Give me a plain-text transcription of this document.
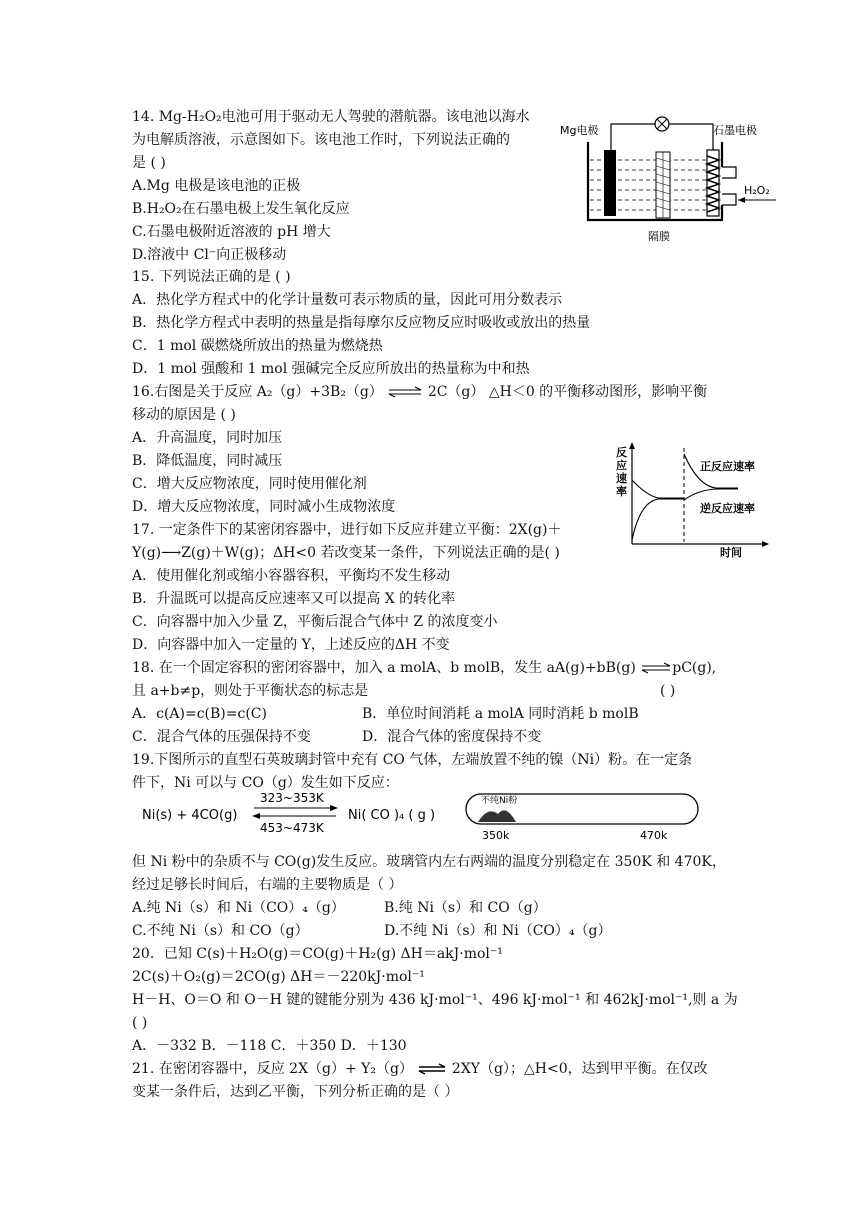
14. Mg-H₂O₂电池可用于驱动无人驾驶的潜航器。该电池以海水
为电解质溶液，示意图如下。该电池工作时，下列说法正确的
是 ( )
A.Mg 电极是该电池的正极
B.H₂O₂在石墨电极上发生氧化反应
C.石墨电极附近溶液的 pH 增大
D.溶液中 Cl⁻向正极移动
Mg电极	石墨电极
H₂O₂
隔膜
15. 下列说法正确的是 ( )
A．热化学方程式中的化学计量数可表示物质的量，因此可用分数表示
B．热化学方程式中表明的热量是指每摩尔反应物反应时吸收或放出的热量
C．1 mol 碳燃烧所放出的热量为燃烧热
D．1 mol 强酸和 1 mol 强碱完全反应所放出的热量称为中和热
16.右图是关于反应 A₂（g）+3B₂（g） ⇌ 2C（g） △H＜0 的平衡移动图形，影响平衡
移动的原因是 ( )
A．升高温度，同时加压
B．降低温度，同时减压
C．增大反应物浓度，同时使用催化剂
D．增大反应物浓度，同时减小生成物浓度
反
应
速
率
正反应速率
逆反应速率
时间
17. 一定条件下的某密闭容器中，进行如下反应并建立平衡：2X(g)＋
Y(g)⟶Z(g)＋W(g)；ΔH<0 若改变某一条件，下列说法正确的是( )
A．使用催化剂或缩小容器容积，平衡均不发生移动
B．升温既可以提高反应速率又可以提高 X 的转化率
C．向容器中加入少量 Z，平衡后混合气体中 Z 的浓度变小
D．向容器中加入一定量的 Y，上述反应的ΔH 不变
18. 在一个固定容积的密闭容器中，加入 a molA、b molB，发生 aA(g)+bB(g) ⇌pC(g),
且 a+b≠p，则处于平衡状态的标志是	( )
A．c(A)=c(B)=c(C)	B．单位时间消耗 a molA 同时消耗 b molB
C．混合气体的压强保持不变	D．混合气体的密度保持不变
19.下图所示的直型石英玻璃封管中充有 CO 气体，左端放置不纯的镍（Ni）粉。在一定条
件下，Ni 可以与 CO（g）发生如下反应：
Ni(s) + 4CO(g)
323~353K
453~473K
Ni( CO )₄ ( g )
不纯Ni粉
350k	470k
但 Ni 粉中的杂质不与 CO(g)发生反应。玻璃管内左右两端的温度分别稳定在 350K 和 470K，
经过足够长时间后，右端的主要物质是（ ）
A.纯 Ni（s）和 Ni（CO）₄（g）	B.纯 Ni（s）和 CO（g）
C.不纯 Ni（s）和 CO（g）	D.不纯 Ni（s）和 Ni（CO）₄（g）
20．已知 C(s)＋H₂O(g)＝CO(g)＋H₂(g) ΔH＝akJ·mol⁻¹
2C(s)＋O₂(g)＝2CO(g) ΔH＝－220kJ·mol⁻¹
H－H、O＝O 和 O－H 键的键能分别为 436 kJ·mol⁻¹、496 kJ·mol⁻¹ 和 462kJ·mol⁻¹,则 a 为
( )
A．－332 B．－118 C．＋350 D．＋130
21. 在密闭容器中，反应 2X（g）+ Y₂（g） ⇌ 2XY（g）；△H<0，达到甲平衡。在仅改
变某一条件后，达到乙平衡，下列分析正确的是（ ）
